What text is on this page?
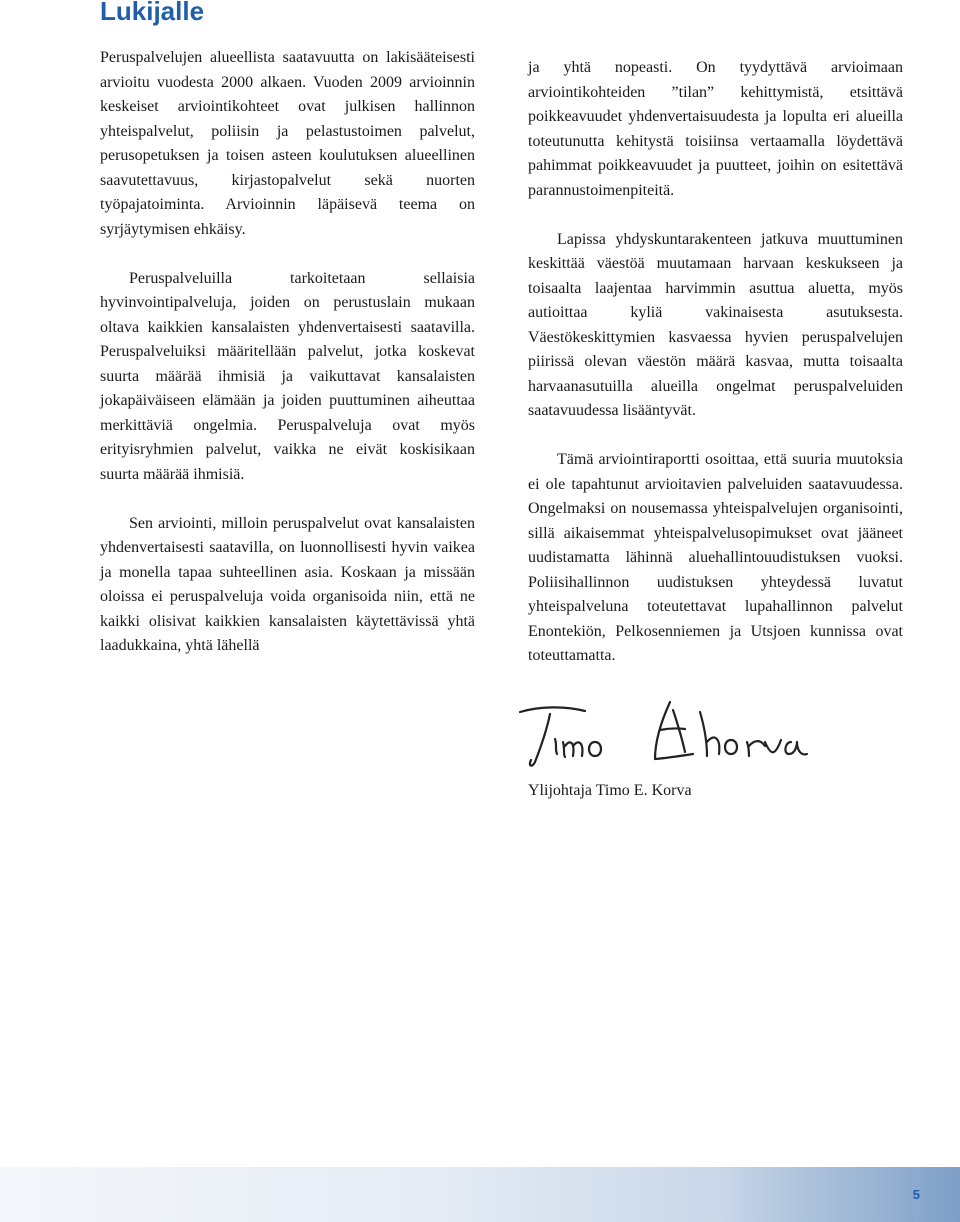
Lukijalle

Peruspalvelujen alueellista saatavuutta on lakisääteisesti arvioitu vuodesta 2000 alkaen. Vuoden 2009 arvioinnin keskeiset arviointikohteet ovat julkisen hallinnon yhteispalvelut, poliisin ja pelastustoimen palvelut, perusopetuksen ja toisen asteen koulutuksen alueellinen saavutettavuus, kirjastopalvelut sekä nuorten työpajatoiminta. Arvioinnin läpäisevä teema on syrjäytymisen ehkäisy.

Peruspalveluilla tarkoitetaan sellaisia hyvinvointipalveluja, joiden on perustuslain mukaan oltava kaikkien kansalaisten yhdenvertaisesti saatavilla. Peruspalveluiksi määritellään palvelut, jotka koskevat suurta määrää ihmisiä ja vaikuttavat kansalaisten jokapäiväiseen elämään ja joiden puuttuminen aiheuttaa merkittäviä ongelmia. Peruspalveluja ovat myös erityisryhmien palvelut, vaikka ne eivät koskisikaan suurta määrää ihmisiä.

Sen arviointi, milloin peruspalvelut ovat kansalaisten yhdenvertaisesti saatavilla, on luonnollisesti hyvin vaikea ja monella tapaa suhteellinen asia. Koskaan ja missään oloissa ei peruspalveluja voida organisoida niin, että ne kaikki olisivat kaikkien kansalaisten käytettävissä yhtä laadukkaina, yhtä lähellä

ja yhtä nopeasti. On tyydyttävä arvioimaan arviointikohteiden ”tilan” kehittymistä, etsittävä poikkeavuudet yhdenvertaisuudesta ja lopulta eri alueilla toteutunutta kehitystä toisiinsa vertaamalla löydettävä pahimmat poikkeavuudet ja puutteet, joihin on esitettävä parannustoimenpiteitä.

Lapissa yhdyskuntarakenteen jatkuva muuttuminen keskittää väestöä muutamaan harvaan keskukseen ja toisaalta laajentaa harvimmin asuttua aluetta, myös autioittaa kyliä vakinaisesta asutuksesta. Väestökeskittymien kasvaessa hyvien peruspalvelujen piirissä olevan väestön määrä kasvaa, mutta toisaalta harvaanasutuilla alueilla ongelmat peruspalveluiden saatavuudessa lisääntyvät.

Tämä arviointiraportti osoittaa, että suuria muutoksia ei ole tapahtunut arvioitavien palveluiden saatavuudessa. Ongelmaksi on nousemassa yhteispalvelujen organisointi, sillä aikaisemmat yhteispalvelusopimukset ovat jääneet uudistamatta lähinnä aluehallintouudistuksen vuoksi. Poliisihallinnon uudistuksen yhteydessä luvatut yhteispalveluna toteutettavat lupahallinnon palvelut Enontekiön, Pelkosenniemen ja Utsjoen kunnissa ovat toteuttamatta.

Ylijohtaja Timo E. Korva
5
